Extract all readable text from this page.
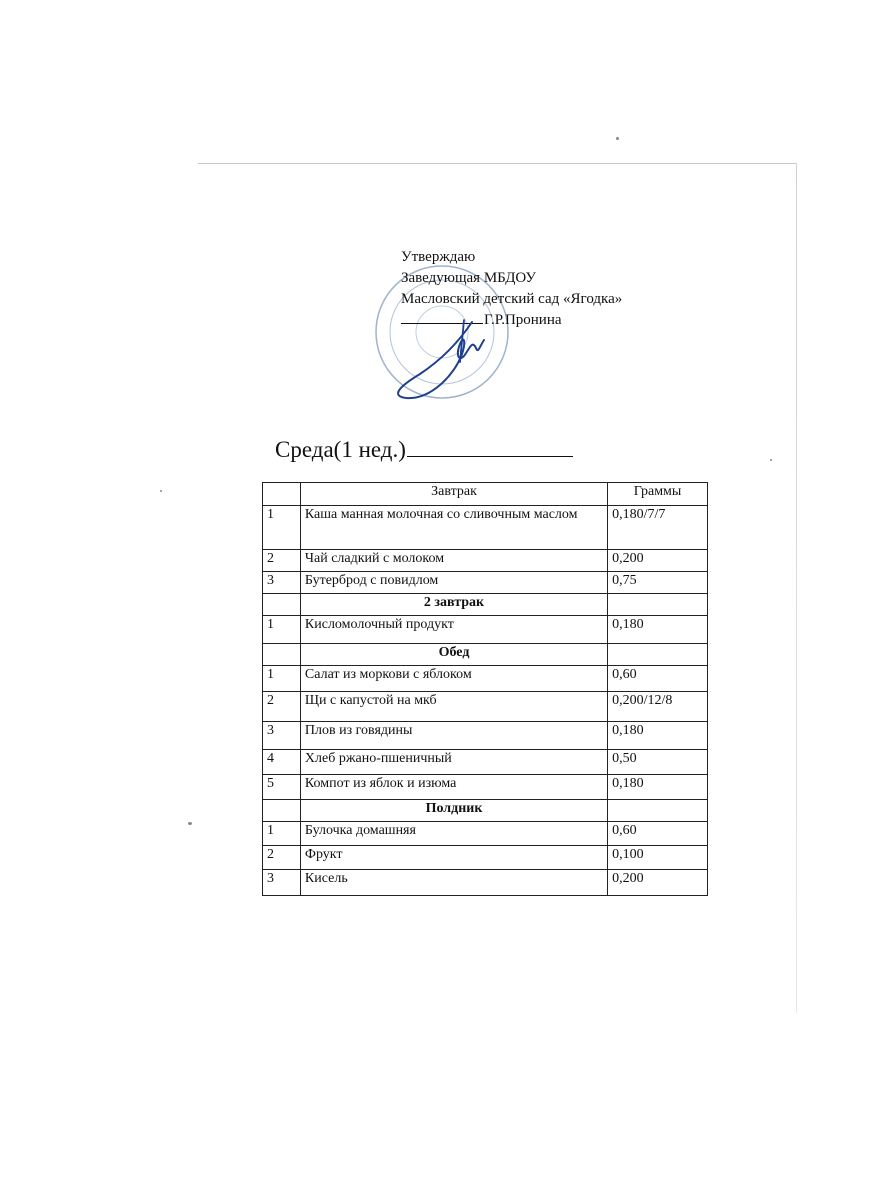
Утверждаю
Заведующая МБДОУ
Масловский детский сад «Ягодка»
Г.Р.Пронина
Среда(1 нед.)
	Завтрак	Граммы
1	Каша манная молочная со сливочным маслом	0,180/7/7
2	Чай сладкий с молоком	0,200
3	Бутерброд с повидлом	0,75
	2 завтрак	
1	Кисломолочный продукт	0,180
	Обед	
1	Салат из моркови с яблоком	0,60
2	Щи с капустой на мкб	0,200/12/8
3	Плов из говядины	0,180
4	Хлеб ржано-пшеничный	0,50
5	Компот из яблок и изюма	0,180
	Полдник	
1	Булочка домашняя	0,60
2	Фрукт	0,100
3	Кисель	0,200
